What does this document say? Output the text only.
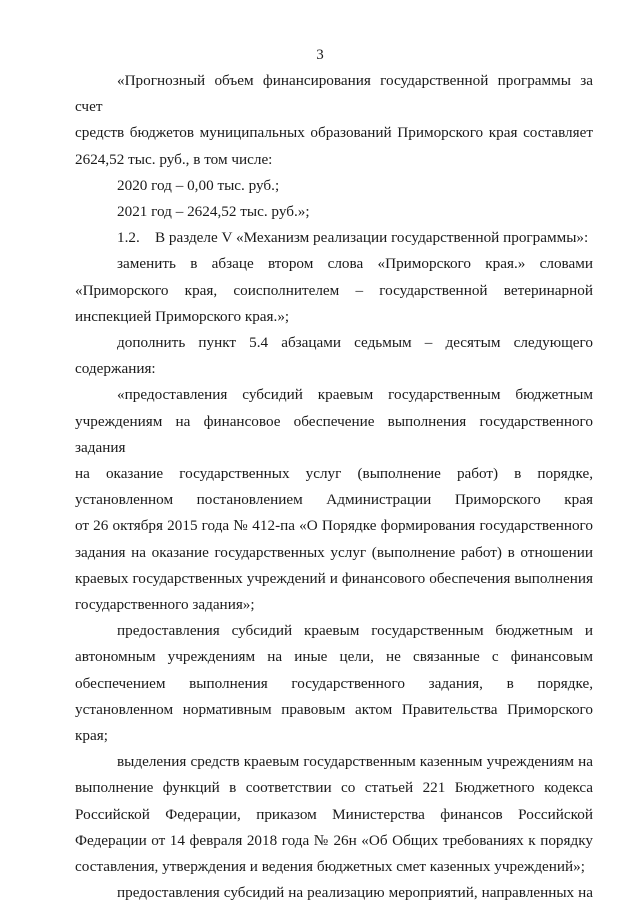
3
«Прогнозный объем финансирования государственной программы за счет
средств бюджетов муниципальных образований Приморского края составляет
2624,52 тыс. руб., в том числе:
2020 год – 0,00 тыс. руб.;
2021 год – 2624,52 тыс. руб.»;
1.2.    В разделе V «Механизм реализации государственной программы»:
заменить в абзаце втором слова «Приморского края.» словами
«Приморского края, соисполнителем – государственной ветеринарной
инспекцией Приморского края.»;
дополнить пункт 5.4 абзацами седьмым – десятым следующего
содержания:
«предоставления субсидий краевым государственным бюджетным
учреждениям на финансовое обеспечение выполнения государственного задания
на оказание государственных услуг (выполнение работ) в порядке,
установленном постановлением Администрации Приморского края
от 26 октября 2015 года № 412-па «О Порядке формирования государственного
задания на оказание государственных услуг (выполнение работ) в отношении
краевых государственных учреждений и финансового обеспечения выполнения
государственного задания»;
предоставления субсидий краевым государственным бюджетным и
автономным учреждениям на иные цели, не связанные с финансовым
обеспечением выполнения государственного задания, в порядке,
установленном нормативным правовым актом Правительства Приморского
края;
выделения средств краевым государственным казенным учреждениям на
выполнение функций в соответствии со статьей 221 Бюджетного кодекса
Российской Федерации, приказом Министерства финансов Российской
Федерации от 14 февраля 2018 года № 26н «Об Общих требованиях к порядку
составления, утверждения и ведения бюджетных смет казенных учреждений»;
предоставления субсидий на реализацию мероприятий, направленных на
